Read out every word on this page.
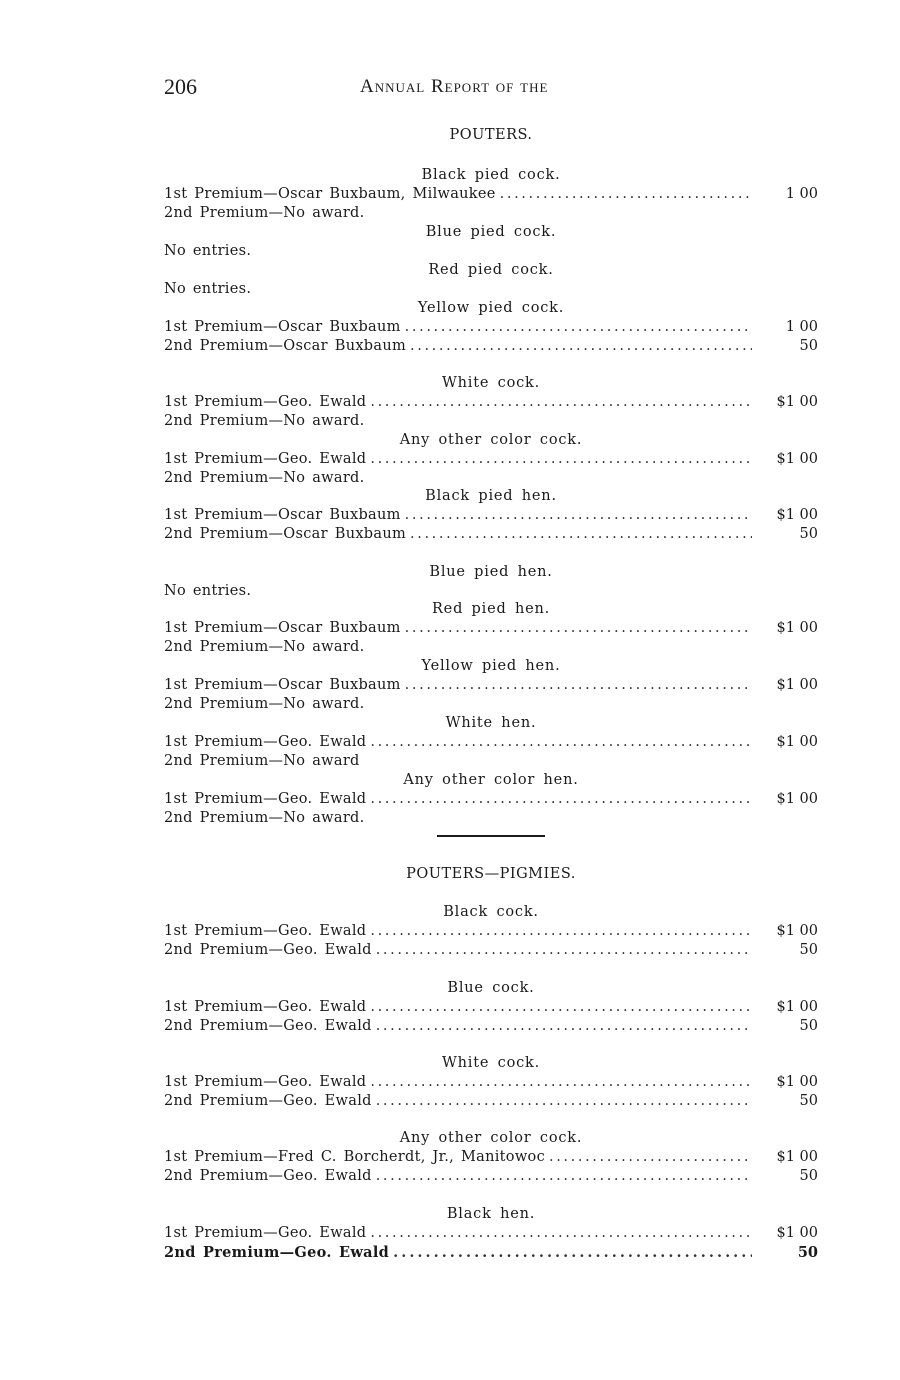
206	Annual Report of the

POUTERS.

Black pied cock.

1st Premium—Oscar Buxbaum, Milwaukee . . .	1 00
2nd Premium—No award.

Blue pied cock.

No entries.

Red pied cock.

No entries.

Yellow pied cock.

1st Premium—Oscar Buxbaum . . .	1 00
2nd Premium—Oscar Buxbaum . . .	50

White cock.

1st Premium—Geo. Ewald . . .	$1 00
2nd Premium—No award.

Any other color cock.

1st Premium—Geo. Ewald . . .	$1 00
2nd Premium—No award.

Black pied hen.

1st Premium—Oscar Buxbaum . . .	$1 00
2nd Premium—Oscar Buxbaum . . .	50

Blue pied hen.

No entries.

Red pied hen.

1st Premium—Oscar Buxbaum . . .	$1 00
2nd Premium—No award.

Yellow pied hen.

1st Premium—Oscar Buxbaum . . .	$1 00
2nd Premium—No award.

White hen.

1st Premium—Geo. Ewald . . .	$1 00
2nd Premium—No award

Any other color hen.

1st Premium—Geo. Ewald . . .	$1 00
2nd Premium—No award.

POUTERS—PIGMIES.

Black cock.

1st Premium—Geo. Ewald . . .	$1 00
2nd Premium—Geo. Ewald . . .	50

Blue cock.

1st Premium—Geo. Ewald . . .	$1 00
2nd Premium—Geo. Ewald . . .	50

White cock.

1st Premium—Geo. Ewald . . .	$1 00
2nd Premium—Geo. Ewald . . .	50

Any other color cock.

1st Premium—Fred C. Borcherdt, Jr., Manitowoc . . .	$1 00
2nd Premium—Geo. Ewald . . .	50

Black hen.

1st Premium—Geo. Ewald . . .	$1 00
2nd Premium—Geo. Ewald . . .	50
